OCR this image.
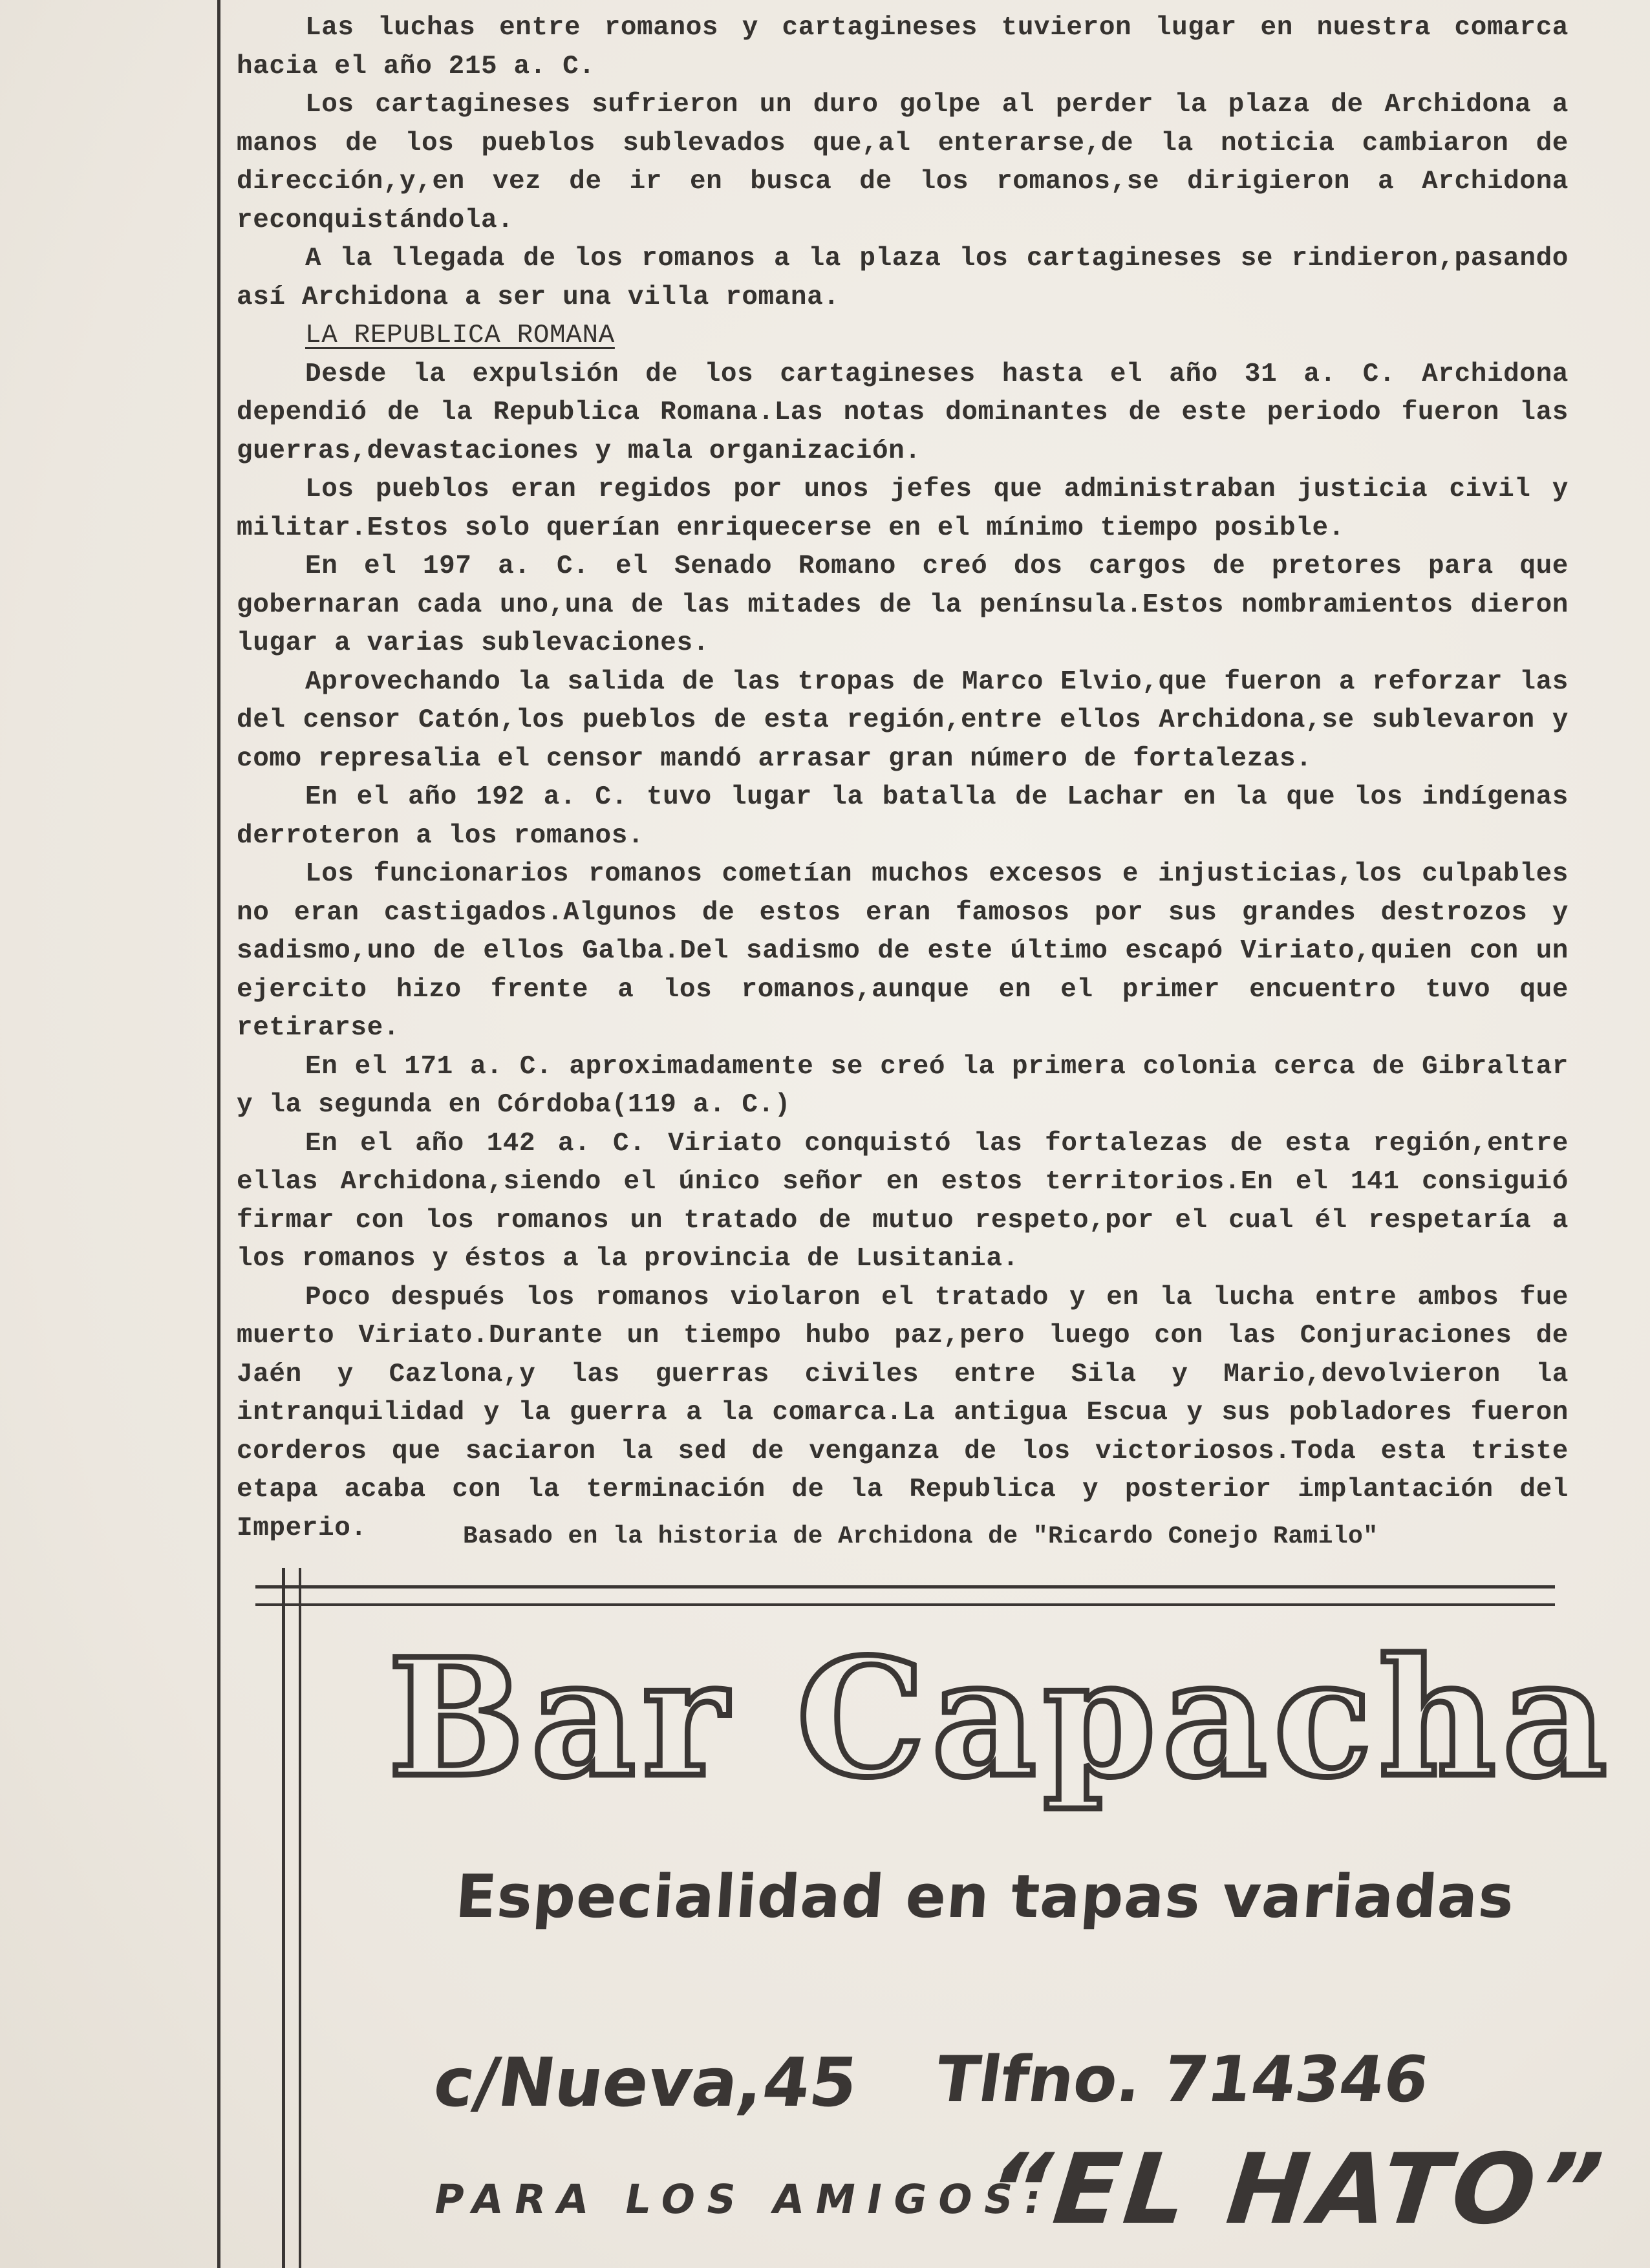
Las luchas entre romanos y cartagineses tuvieron lugar en nuestra comarca hacia el año 215 a. C.

Los cartagineses sufrieron un duro golpe al perder la plaza de Archidona a manos de los pueblos sublevados que,al enterarse,de la noticia cambiaron de dirección,y,en vez de ir en busca de los romanos,se dirigieron a Archidona reconquistándola.

A la llegada de los romanos a la plaza los cartagineses se rindieron,pasando así Archidona a ser una villa romana.

LA REPUBLICA ROMANA

Desde la expulsión de los cartagineses hasta el año 31 a. C. Archidona dependió de la Republica Romana.Las notas dominantes de este periodo fueron las guerras,devastaciones y mala organización.

Los pueblos eran regidos por unos jefes que administraban justicia civil y militar.Estos solo querían enriquecerse en el mínimo tiempo posible.

En el 197 a. C. el Senado Romano creó dos cargos de pretores para que gobernaran cada uno,una de las mitades de la península.Estos nombramientos dieron lugar a varias sublevaciones.

Aprovechando la salida de las tropas de Marco Elvio,que fueron a reforzar las del censor Catón,los pueblos de esta región,entre ellos Archidona,se sublevaron y como represalia el censor mandó arrasar gran número de fortalezas.

En el año 192 a. C. tuvo lugar la batalla de Lachar en la que los indígenas derroteron a los romanos.

Los funcionarios romanos cometían muchos excesos e injusticias,los culpables no eran castigados.Algunos de estos eran famosos por sus grandes destrozos y sadismo,uno de ellos Galba.Del sadismo de este último escapó Viriato,quien con un ejercito hizo frente a los romanos,aunque en el primer encuentro tuvo que retirarse.

En el 171 a. C. aproximadamente se creó la primera colonia cerca de Gibraltar y la segunda en Córdoba(119 a. C.)

En el año 142 a. C. Viriato conquistó las fortalezas de esta región,entre ellas Archidona,siendo el único señor en estos territorios.En el 141 consiguió firmar con los romanos un tratado de mutuo respeto,por el cual él respetaría a los romanos y éstos a la provincia de Lusitania.

Poco después los romanos violaron el tratado y en la lucha entre ambos fue muerto Viriato.Durante un tiempo hubo paz,pero luego con las Conjuraciones de Jaén y Cazlona,y las guerras civiles entre Sila y Mario,devolvieron la intranquilidad y la guerra a la comarca.La antigua Escua y sus pobladores fueron corderos que saciaron la sed de venganza de los victoriosos.Toda esta triste etapa acaba con la terminación de la Republica y posterior implantación del Imperio.	Basado en la historia de Archidona de "Ricardo Conejo Ramilo"
Bar Capacha
Especialidad en tapas variadas
c/Nueva,45 Tlfno. 714346
PARA LOS AMIGOS:
“EL HATO”
